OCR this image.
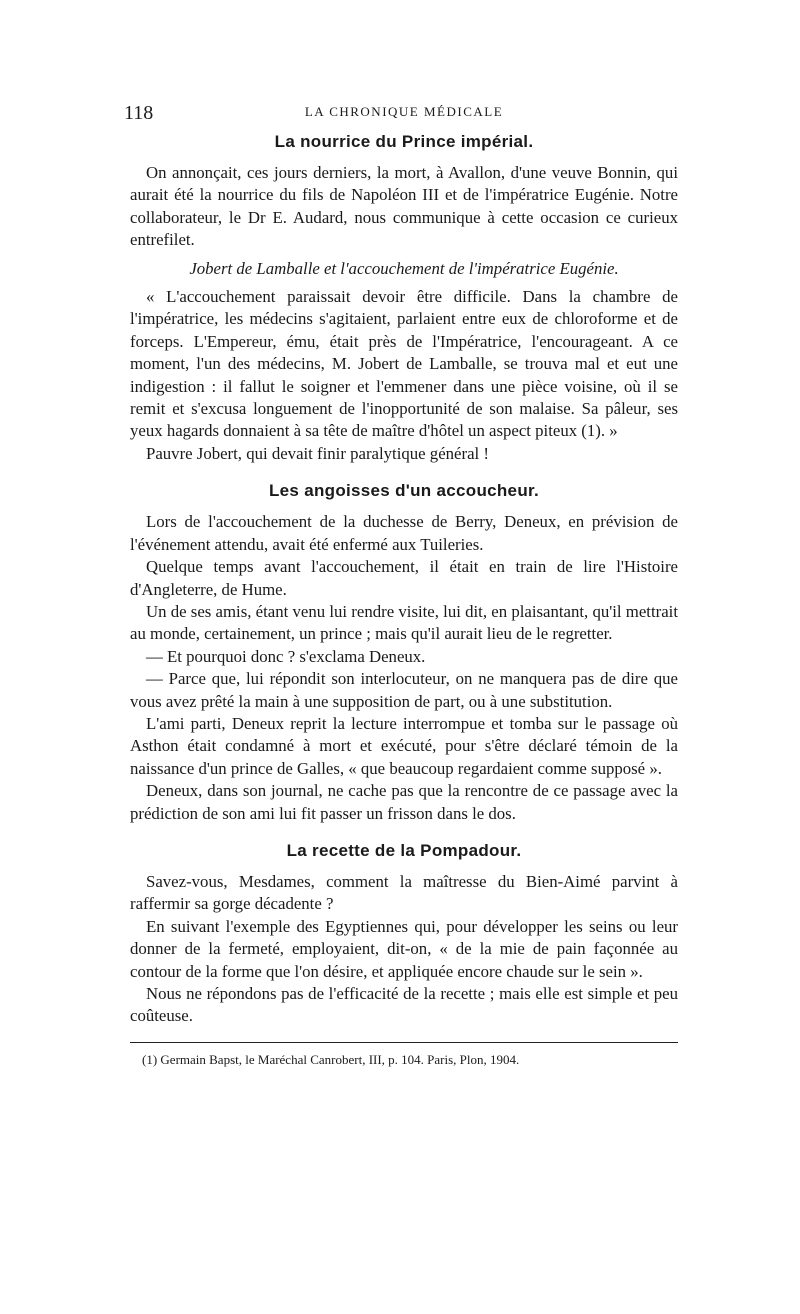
118	LA CHRONIQUE MÉDICALE
La nourrice du Prince impérial.

On annonçait, ces jours derniers, la mort, à Avallon, d'une veuve Bonnin, qui aurait été la nourrice du fils de Napoléon III et de l'impératrice Eugénie. Notre collaborateur, le Dr E. Audard, nous communique à cette occasion ce curieux entrefilet.

Jobert de Lamballe et l'accouchement de l'impératrice Eugénie.

« L'accouchement paraissait devoir être difficile. Dans la chambre de l'impératrice, les médecins s'agitaient, parlaient entre eux de chloroforme et de forceps. L'Empereur, ému, était près de l'Impératrice, l'encourageant. A ce moment, l'un des médecins, M. Jobert de Lamballe, se trouva mal et eut une indigestion : il fallut le soigner et l'emmener dans une pièce voisine, où il se remit et s'excusa longuement de l'inopportunité de son malaise. Sa pâleur, ses yeux hagards donnaient à sa tête de maître d'hôtel un aspect piteux (1). »

Pauvre Jobert, qui devait finir paralytique général !

Les angoisses d'un accoucheur.

Lors de l'accouchement de la duchesse de Berry, Deneux, en prévision de l'événement attendu, avait été enfermé aux Tuileries.

Quelque temps avant l'accouchement, il était en train de lire l'Histoire d'Angleterre, de Hume.

Un de ses amis, étant venu lui rendre visite, lui dit, en plaisantant, qu'il mettrait au monde, certainement, un prince ; mais qu'il aurait lieu de le regretter.

— Et pourquoi donc ? s'exclama Deneux.

— Parce que, lui répondit son interlocuteur, on ne manquera pas de dire que vous avez prêté la main à une supposition de part, ou à une substitution.

L'ami parti, Deneux reprit la lecture interrompue et tomba sur le passage où Asthon était condamné à mort et exécuté, pour s'être déclaré témoin de la naissance d'un prince de Galles, « que beaucoup regardaient comme supposé ».

Deneux, dans son journal, ne cache pas que la rencontre de ce passage avec la prédiction de son ami lui fit passer un frisson dans le dos.

La recette de la Pompadour.

Savez-vous, Mesdames, comment la maîtresse du Bien-Aimé parvint à raffermir sa gorge décadente ?

En suivant l'exemple des Egyptiennes qui, pour développer les seins ou leur donner de la fermeté, employaient, dit-on, « de la mie de pain façonnée au contour de la forme que l'on désire, et appliquée encore chaude sur le sein ».

Nous ne répondons pas de l'efficacité de la recette ; mais elle est simple et peu coûteuse.

(1) Germain Bapst, le Maréchal Canrobert, III, p. 104. Paris, Plon, 1904.
